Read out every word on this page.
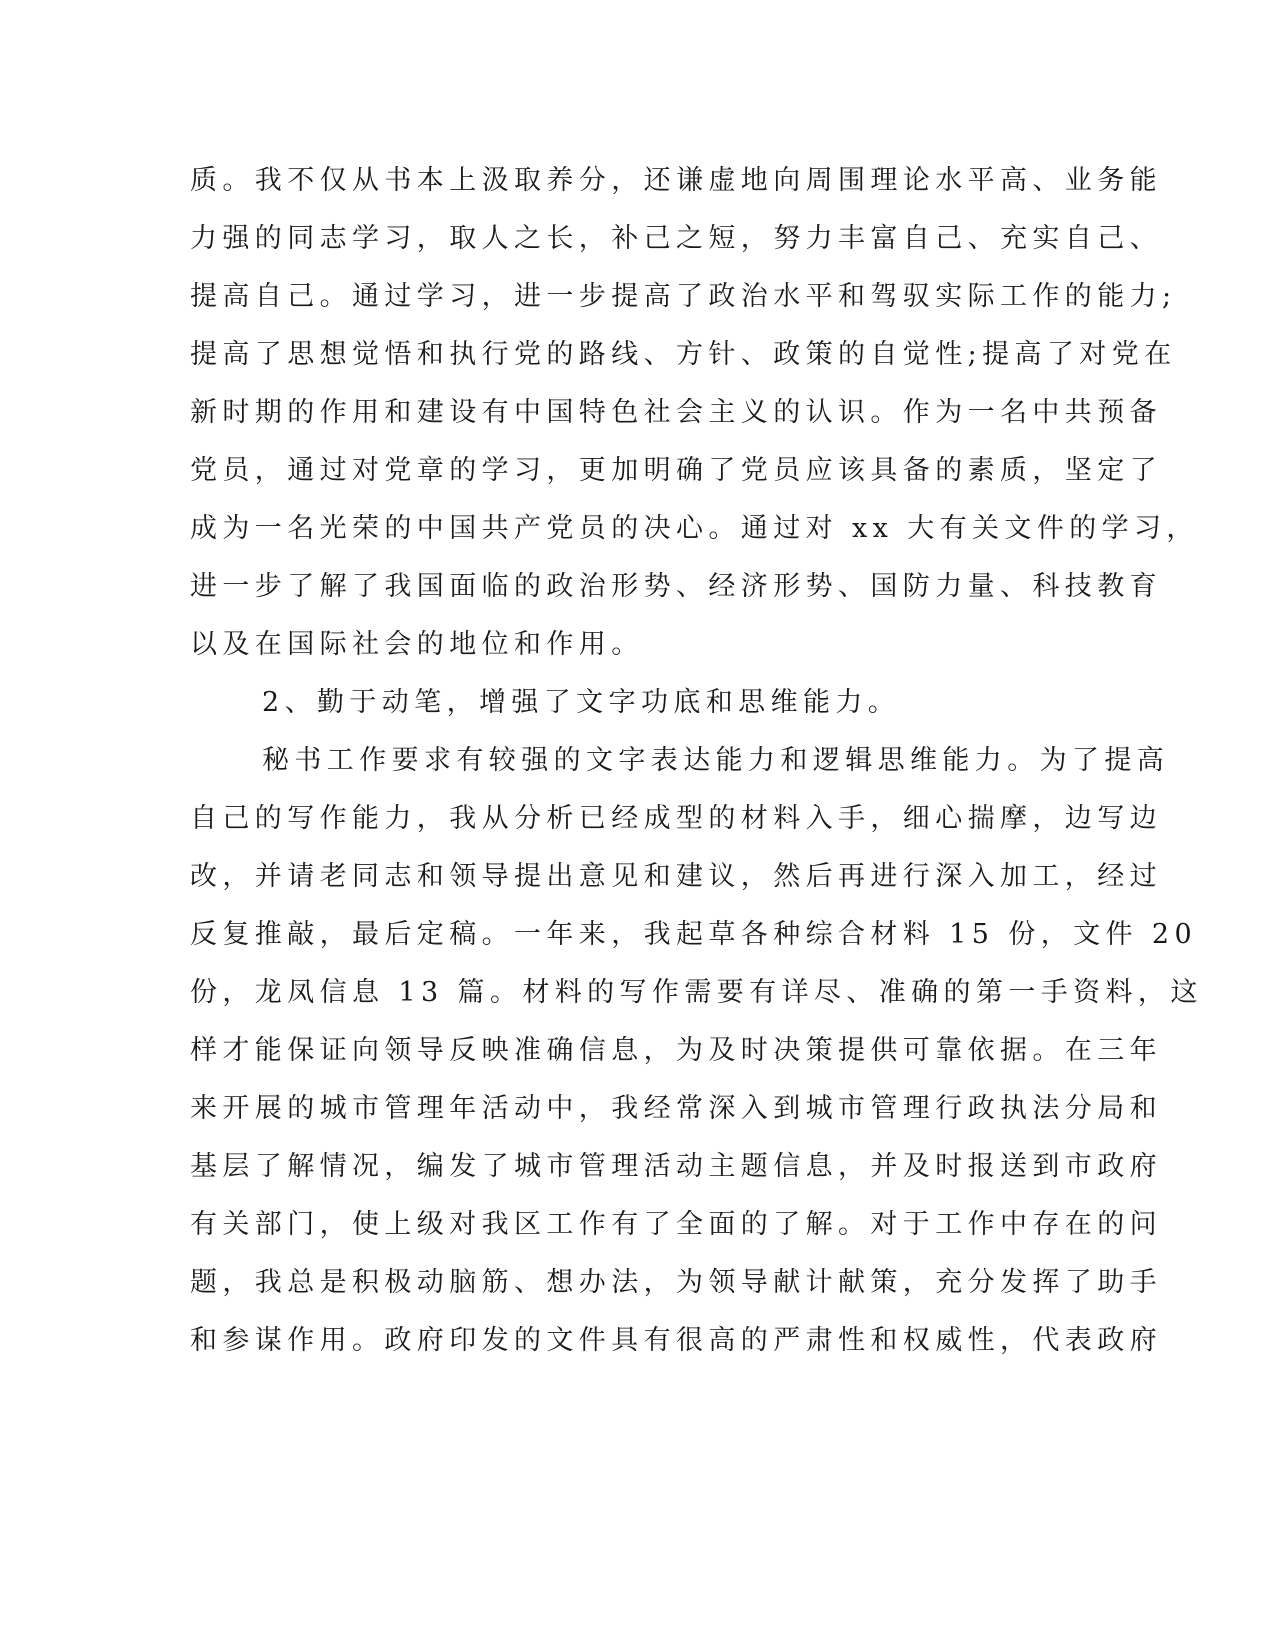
质。我不仅从书本上汲取养分，还谦虚地向周围理论水平高、业务能
力强的同志学习，取人之长，补己之短，努力丰富自己、充实自己、
提高自己。通过学习，进一步提高了政治水平和驾驭实际工作的能力;
提高了思想觉悟和执行党的路线、方针、政策的自觉性;提高了对党在
新时期的作用和建设有中国特色社会主义的认识。作为一名中共预备
党员，通过对党章的学习，更加明确了党员应该具备的素质，坚定了
成为一名光荣的中国共产党员的决心。通过对 xx 大有关文件的学习，
进一步了解了我国面临的政治形势、经济形势、国防力量、科技教育
以及在国际社会的地位和作用。
2、勤于动笔，增强了文字功底和思维能力。
秘书工作要求有较强的文字表达能力和逻辑思维能力。为了提高
自己的写作能力，我从分析已经成型的材料入手，细心揣摩，边写边
改，并请老同志和领导提出意见和建议，然后再进行深入加工，经过
反复推敲，最后定稿。一年来，我起草各种综合材料 15 份，文件 20
份，龙凤信息 13 篇。材料的写作需要有详尽、准确的第一手资料，这
样才能保证向领导反映准确信息，为及时决策提供可靠依据。在三年
来开展的城市管理年活动中，我经常深入到城市管理行政执法分局和
基层了解情况，编发了城市管理活动主题信息，并及时报送到市政府
有关部门，使上级对我区工作有了全面的了解。对于工作中存在的问
题，我总是积极动脑筋、想办法，为领导献计献策，充分发挥了助手
和参谋作用。政府印发的文件具有很高的严肃性和权威性，代表政府
